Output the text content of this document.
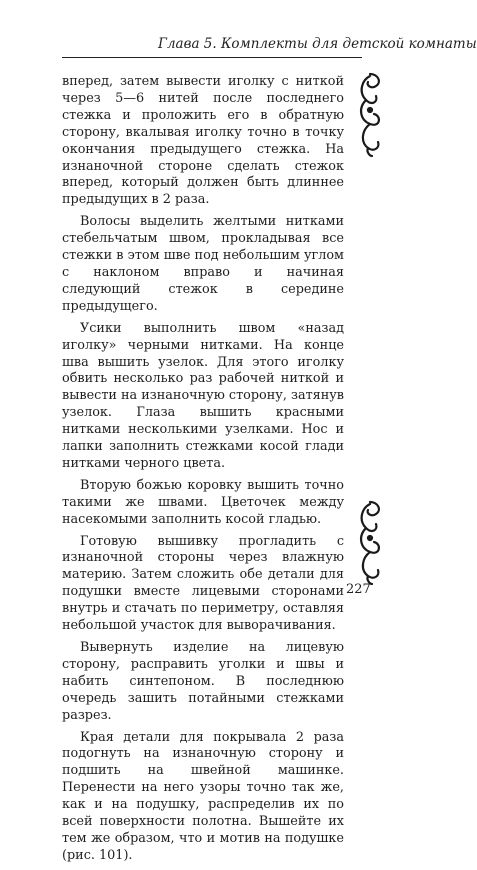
Глава 5. Комплекты для детской комнаты

вперед, затем вывести иголку с ниткой через 5—6 нитей после последнего стежка и проложить его в обратную сторону, вкалывая иголку точно в точку окончания предыдущего стежка. На изнаночной стороне сделать стежок вперед, который должен быть длиннее предыдущих в 2 раза.

Волосы выделить желтыми нитками стебельчатым швом, прокладывая все стежки в этом шве под небольшим углом с наклоном вправо и начиная следующий стежок в середине предыдущего.

Усики выполнить швом «назад иголку» черными нитками. На конце шва вышить узелок. Для этого иголку обвить несколько раз рабочей ниткой и вывести на изнаночную сторону, затянув узелок. Глаза вышить красными нитками несколькими узелками. Нос и лапки заполнить стежками косой глади нитками черного цвета.

Вторую божью коровку вышить точно такими же швами. Цветочек между насекомыми заполнить косой гладью.

Готовую вышивку прогладить с изнаночной стороны через влажную материю. Затем сложить обе детали для подушки вместе лицевыми сторонами внутрь и стачать по периметру, оставляя небольшой участок для выворачивания.

Вывернуть изделие на лицевую сторону, расправить уголки и швы и набить синтепоном. В последнюю очередь зашить потайными стежками разрез.

Края детали для покрывала 2 раза подогнуть на изнаночную сторону и подшить на швейной машинке. Перенести на него узоры точно так же, как и на подушку, распределив их по всей поверхности полотна. Вышейте их тем же образом, что и мотив на подушке (рис. 101).

227
